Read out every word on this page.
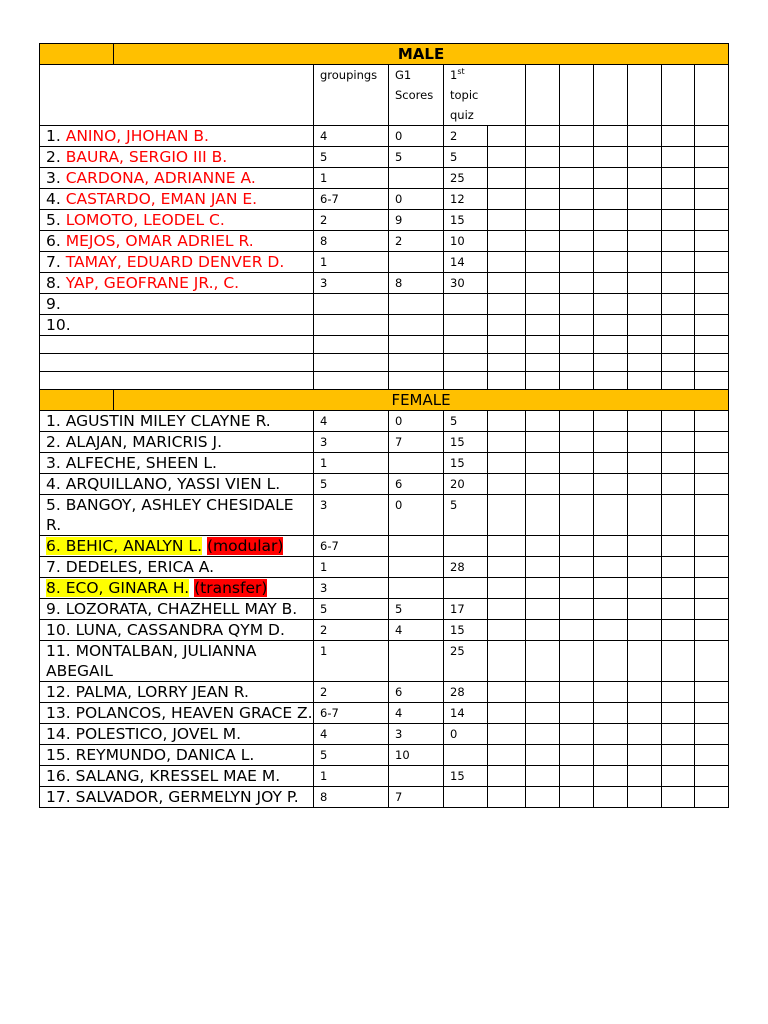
	MALE										
		groupings	G1 Scores	1st
topic
quiz							
1. ANINO, JHOHAN B.		4	0	2							
2. BAURA, SERGIO III B.		5	5	5							
3. CARDONA, ADRIANNE A.		1		25							
4. CASTARDO, EMAN JAN E.		6-7	0	12							
5. LOMOTO, LEODEL C.		2	9	15							
6. MEJOS, OMAR ADRIEL R.		8	2	10							
7. TAMAY, EDUARD DENVER D.		1		14							
8. YAP, GEOFRANE JR., C.		3	8	30							
9.											
10.											

	FEMALE										
1. AGUSTIN MILEY CLAYNE R.		4	0	5							
2. ALAJAN, MARICRIS J.		3	7	15							
3. ALFECHE, SHEEN L.		1		15							
4. ARQUILLANO, YASSI VIEN L.		5	6	20							
5. BANGOY, ASHLEY CHESIDALE R.		3	0	5							
6. BEHIC, ANALYN L. (modular)		6-7									
7. DEDELES, ERICA A.		1		28							
8. ECO, GINARA H. (transfer)		3									
9. LOZORATA, CHAZHELL MAY B.		5	5	17							
10. LUNA, CASSANDRA QYM D.		2	4	15							
11. MONTALBAN, JULIANNA ABEGAIL		1		25							
12. PALMA, LORRY JEAN R.		2	6	28							
13. POLANCOS, HEAVEN GRACE Z.		6-7	4	14							
14. POLESTICO, JOVEL M.		4	3	0							
15. REYMUNDO, DANICA L.		5	10								
16. SALANG, KRESSEL MAE M.		1		15							
17. SALVADOR, GERMELYN JOY P.		8	7								
